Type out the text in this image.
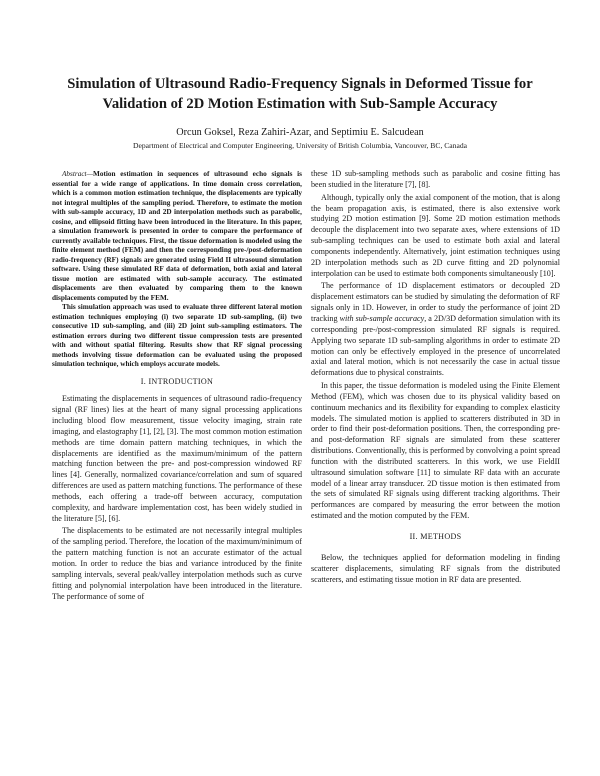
Simulation of Ultrasound Radio-Frequency Signals in Deformed Tissue for Validation of 2D Motion Estimation with Sub-Sample Accuracy

Orcun Goksel, Reza Zahiri-Azar, and Septimiu E. Salcudean

Department of Electrical and Computer Engineering, University of British Columbia, Vancouver, BC, Canada

Abstract—Motion estimation in sequences of ultrasound echo signals is essential for a wide range of applications. In time domain cross correlation, which is a common motion estimation technique, the displacements are typically not integral multiples of the sampling period. Therefore, to estimate the motion with sub-sample accuracy, 1D and 2D interpolation methods such as parabolic, cosine, and ellipsoid fitting have been introduced in the literature. In this paper, a simulation framework is presented in order to compare the performance of currently available techniques. First, the tissue deformation is modeled using the finite element method (FEM) and then the corresponding pre-/post-deformation radio-frequency (RF) signals are generated using Field II ultrasound simulation software. Using these simulated RF data of deformation, both axial and lateral tissue motion are estimated with sub-sample accuracy. The estimated displacements are then evaluated by comparing them to the known displacements computed by the FEM.

This simulation approach was used to evaluate three different lateral motion estimation techniques employing (i) two separate 1D sub-sampling, (ii) two consecutive 1D sub-sampling, and (iii) 2D joint sub-sampling estimators. The estimation errors during two different tissue compression tests are presented with and without spatial filtering. Results show that RF signal processing methods involving tissue deformation can be evaluated using the proposed simulation technique, which employs accurate models.

I. INTRODUCTION

Estimating the displacements in sequences of ultrasound radio-frequency signal (RF lines) lies at the heart of many signal processing applications including blood flow measurement, tissue velocity imaging, strain rate imaging, and elastography [1], [2], [3]. The most common motion estimation methods are time domain pattern matching techniques, in which the displacements are identified as the maximum/minimum of the pattern matching function between the pre- and post-compression windowed RF lines [4]. Generally, normalized covariance/correlation and sum of squared differences are used as pattern matching functions. The performance of these methods, each offering a trade-off between accuracy, computation complexity, and hardware implementation cost, has been widely studied in the literature [5], [6].

The displacements to be estimated are not necessarily integral multiples of the sampling period. Therefore, the location of the maximum/minimum of the pattern matching function is not an accurate estimator of the actual motion. In order to reduce the bias and variance introduced by the finite sampling intervals, several peak/valley interpolation methods such as curve fitting and polynomial interpolation have been introduced in the literature. The performance of some of

these 1D sub-sampling methods such as parabolic and cosine fitting has been studied in the literature [7], [8].

Although, typically only the axial component of the motion, that is along the beam propagation axis, is estimated, there is also extensive work studying 2D motion estimation [9]. Some 2D motion estimation methods decouple the displacement into two separate axes, where extensions of 1D sub-sampling techniques can be used to estimate both axial and lateral components independently. Alternatively, joint estimation techniques using 2D interpolation methods such as 2D curve fitting and 2D polynomial interpolation can be used to estimate both components simultaneously [10].

The performance of 1D displacement estimators or decoupled 2D displacement estimators can be studied by simulating the deformation of RF signals only in 1D. However, in order to study the performance of joint 2D tracking with sub-sample accuracy, a 2D/3D deformation simulation with its corresponding pre-/post-compression simulated RF signals is required. Applying two separate 1D sub-sampling algorithms in order to estimate 2D motion can only be effectively employed in the presence of uncorrelated axial and lateral motion, which is not necessarily the case in actual tissue deformations due to physical constraints.

In this paper, the tissue deformation is modeled using the Finite Element Method (FEM), which was chosen due to its physical validity based on continuum mechanics and its flexibility for expanding to complex elasticity models. The simulated motion is applied to scatterers distributed in 3D in order to find their post-deformation positions. Then, the corresponding pre- and post-deformation RF signals are simulated from these scatterer distributions. Conventionally, this is performed by convolving a point spread function with the distributed scatterers. In this work, we use FieldII ultrasound simulation software [11] to simulate RF data with an accurate model of a linear array transducer. 2D tissue motion is then estimated from the sets of simulated RF signals using different tracking algorithms. Their performances are compared by measuring the error between the motion estimated and the motion computed by the FEM.

II. METHODS

Below, the techniques applied for deformation modeling in finding scatterer displacements, simulating RF signals from the distributed scatterers, and estimating tissue motion in RF data are presented.
